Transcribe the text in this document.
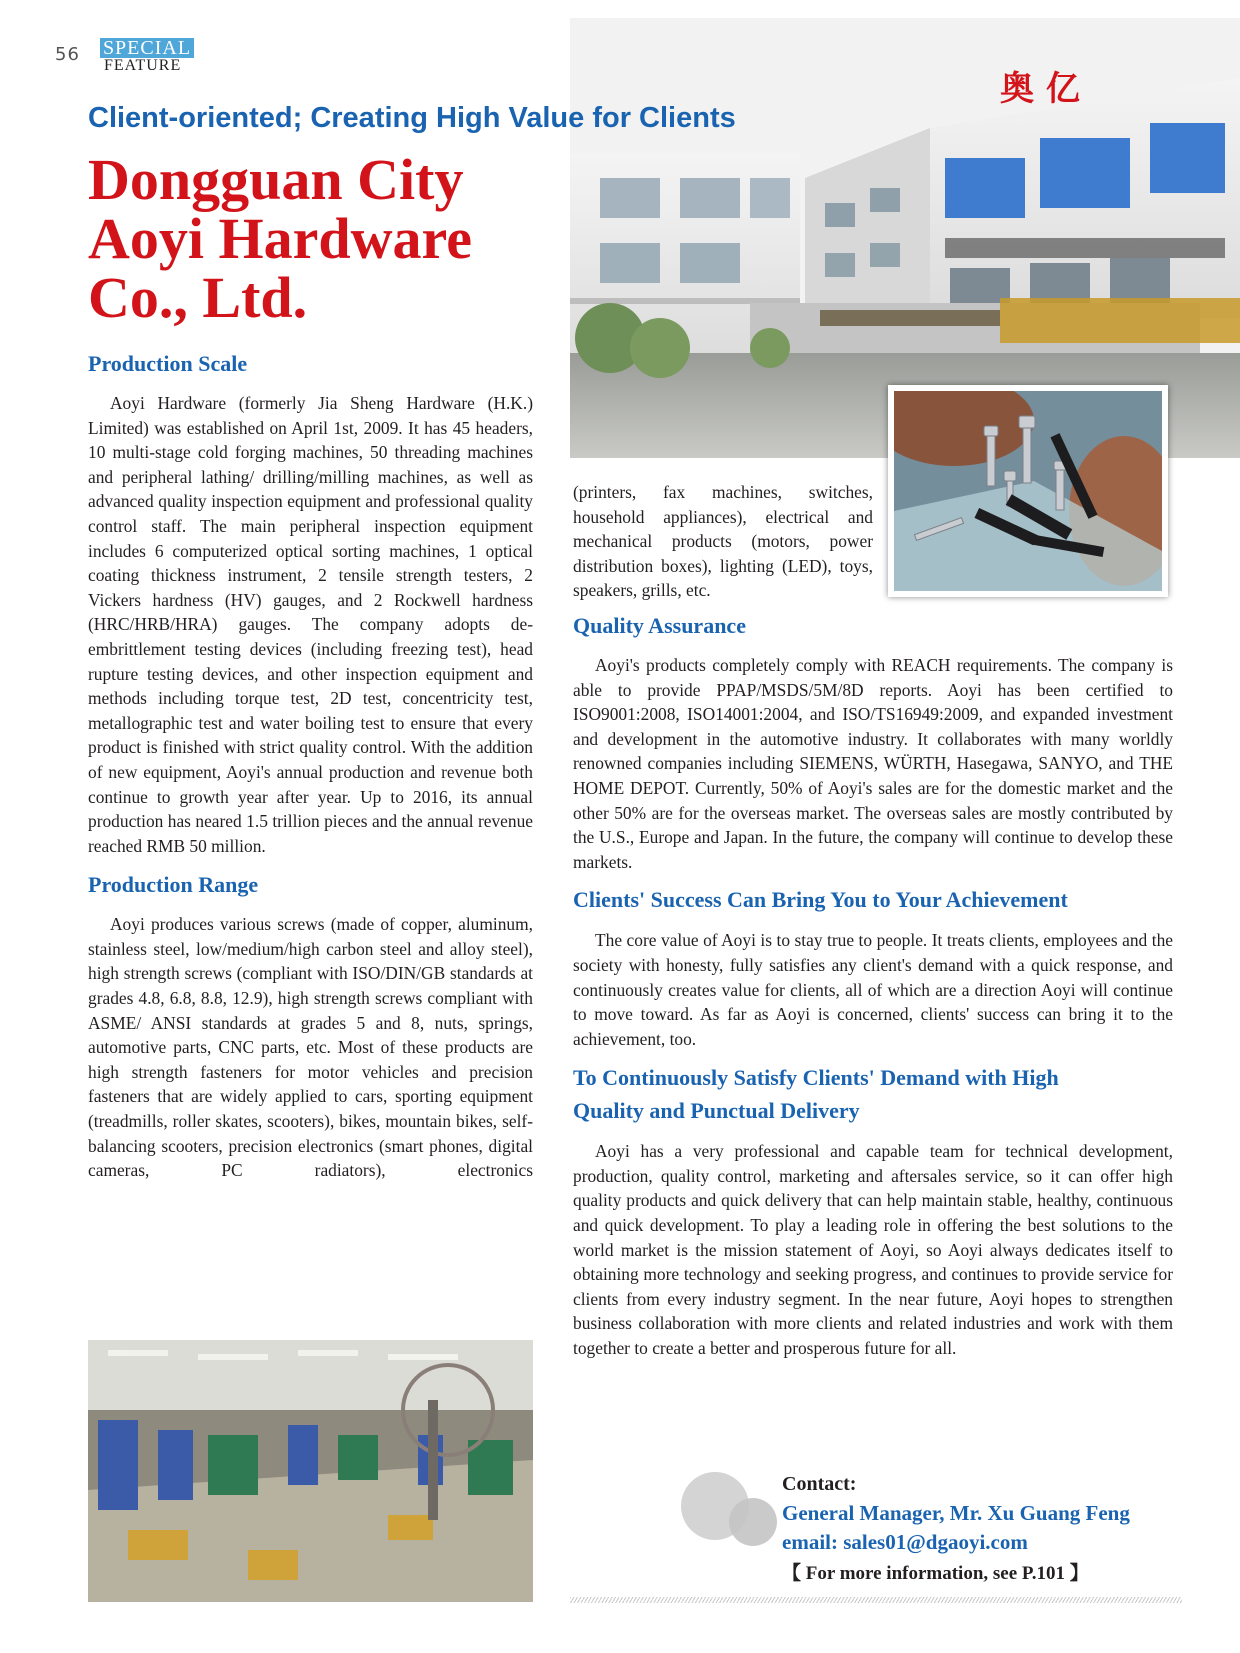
56 SPECIAL
FEATURE
奥 亿
Client-oriented; Creating High Value for Clients
Dongguan City
Aoyi Hardware
Co., Ltd.
Production Scale

Aoyi Hardware (formerly Jia Sheng Hardware (H.K.) Limited) was established on April 1st, 2009. It has 45 headers, 10 multi-stage cold forging machines, 50 threading machines and peripheral lathing/ drilling/milling machines, as well as advanced quality inspection equipment and professional quality control staff. The main peripheral inspection equipment includes 6 computerized optical sorting machines, 1 optical coating thickness instrument, 2 tensile strength testers, 2 Vickers hardness (HV) gauges, and 2 Rockwell hardness (HRC/HRB/HRA) gauges. The company adopts de-embrittlement testing devices (including freezing test), head rupture testing devices, and other inspection equipment and methods including torque test, 2D test, concentricity test, metallographic test and water boiling test to ensure that every product is finished with strict quality control. With the addition of new equipment, Aoyi's annual production and revenue both continue to growth year after year. Up to 2016, its annual production has neared 1.5 trillion pieces and the annual revenue reached RMB 50 million.

Production Range

Aoyi produces various screws (made of copper, aluminum, stainless steel, low/medium/high carbon steel and alloy steel), high strength screws (compliant with ISO/DIN/GB standards at grades 4.8, 6.8, 8.8, 12.9), high strength screws compliant with ASME/ ANSI standards at grades 5 and 8, nuts, springs, automotive parts, CNC parts, etc. Most of these products are high strength fasteners for motor vehicles and precision fasteners that are widely applied to cars, sporting equipment (treadmills, roller skates, scooters), bikes, mountain bikes, self-balancing scooters, precision electronics (smart phones, digital cameras, PC radiators), electronics

(printers, fax machines, switches, household appliances), electrical and mechanical products (motors, power distribution boxes), lighting (LED), toys, speakers, grills, etc.

Quality Assurance

Aoyi's products completely comply with REACH requirements. The company is able to provide PPAP/MSDS/5M/8D reports. Aoyi has been certified to ISO9001:2008, ISO14001:2004, and ISO/TS16949:2009, and expanded investment and development in the automotive industry. It collaborates with many worldly renowned companies including SIEMENS, WÜRTH, Hasegawa, SANYO, and THE HOME DEPOT. Currently, 50% of Aoyi's sales are for the domestic market and the other 50% are for the overseas market. The overseas sales are mostly contributed by the U.S., Europe and Japan. In the future, the company will continue to develop these markets.

Clients' Success Can Bring You to Your Achievement

The core value of Aoyi is to stay true to people. It treats clients, employees and the society with honesty, fully satisfies any client's demand with a quick response, and continuously creates value for clients, all of which are a direction Aoyi will continue to move toward. As far as Aoyi is concerned, clients' success can bring it to the achievement, too.

To Continuously Satisfy Clients' Demand with High Quality and Punctual Delivery

Aoyi has a very professional and capable team for technical development, production, quality control, marketing and aftersales service, so it can offer high quality products and quick delivery that can help maintain stable, healthy, continuous and quick development. To play a leading role in offering the best solutions to the world market is the mission statement of Aoyi, so Aoyi always dedicates itself to obtaining more technology and seeking progress, and continues to provide service for clients from every industry segment. In the near future, Aoyi hopes to strengthen business collaboration with more clients and related industries and work with them together to create a better and prosperous future for all.

Contact:
General Manager, Mr. Xu Guang Feng
email: sales01@dgaoyi.com
【 For more information, see P.101 】
